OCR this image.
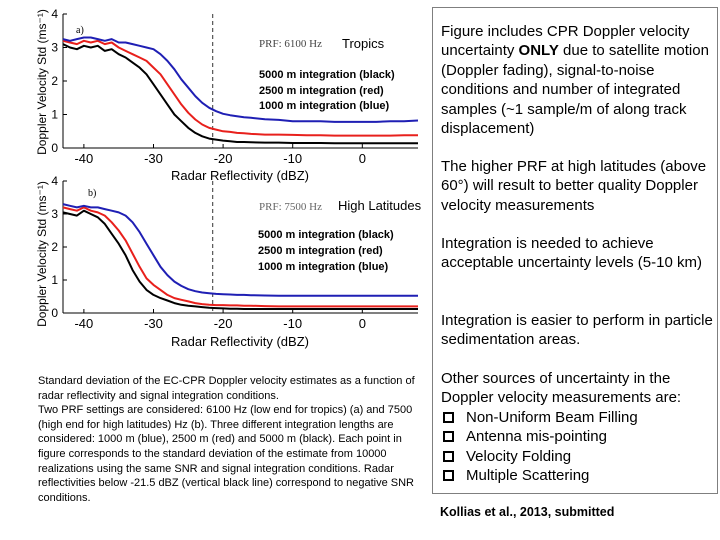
-40	-30	-20	-10	0
0
1
2
3
4
a)
PRF: 6100 Hz Tropics
5000 m integration (black)
2500 m integration (red)
1000 m integration (blue)
Radar Reflectivity (dBZ)
Doppler Velocity Std (ms⁻¹)
-40	-30	-20	-10	0
0
1
2
3
4
b)
PRF: 7500 Hz High Latitudes
5000 m integration (black)
2500 m integration (red)
1000 m integration (blue)
Radar Reflectivity (dBZ)
Doppler Velocity Std (ms⁻¹)
Figure includes CPR Doppler velocity uncertainty ONLY due to satellite motion (Doppler fading), signal-to-noise conditions and number of integrated samples (~1 sample/m of along track displacement)
The higher PRF at high latitudes (above 60°) will result to better quality Doppler velocity measurements
Integration is needed to achieve acceptable uncertainty levels (5-10 km)
Integration is easier to perform in particle sedimentation areas.
Other sources of uncertainty in the Doppler velocity measurements are:
Non-Uniform Beam Filling
Antenna mis-pointing
Velocity Folding
Multiple Scattering
Standard deviation of the EC-CPR Doppler velocity estimates as a function of radar reflectivity and signal integration conditions.
Two PRF settings are considered: 6100 Hz (low end for tropics) (a) and 7500 (high end for high latitudes) Hz (b). Three different integration lengths are considered: 1000 m (blue), 2500 m (red) and 5000 m (black). Each point in figure corresponds to the standard deviation of the estimate from 10000 realizations using the same SNR and signal integration conditions. Radar reflectivities below -21.5 dBZ (vertical black line) correspond to negative SNR conditions.
Kollias et al., 2013, submitted
